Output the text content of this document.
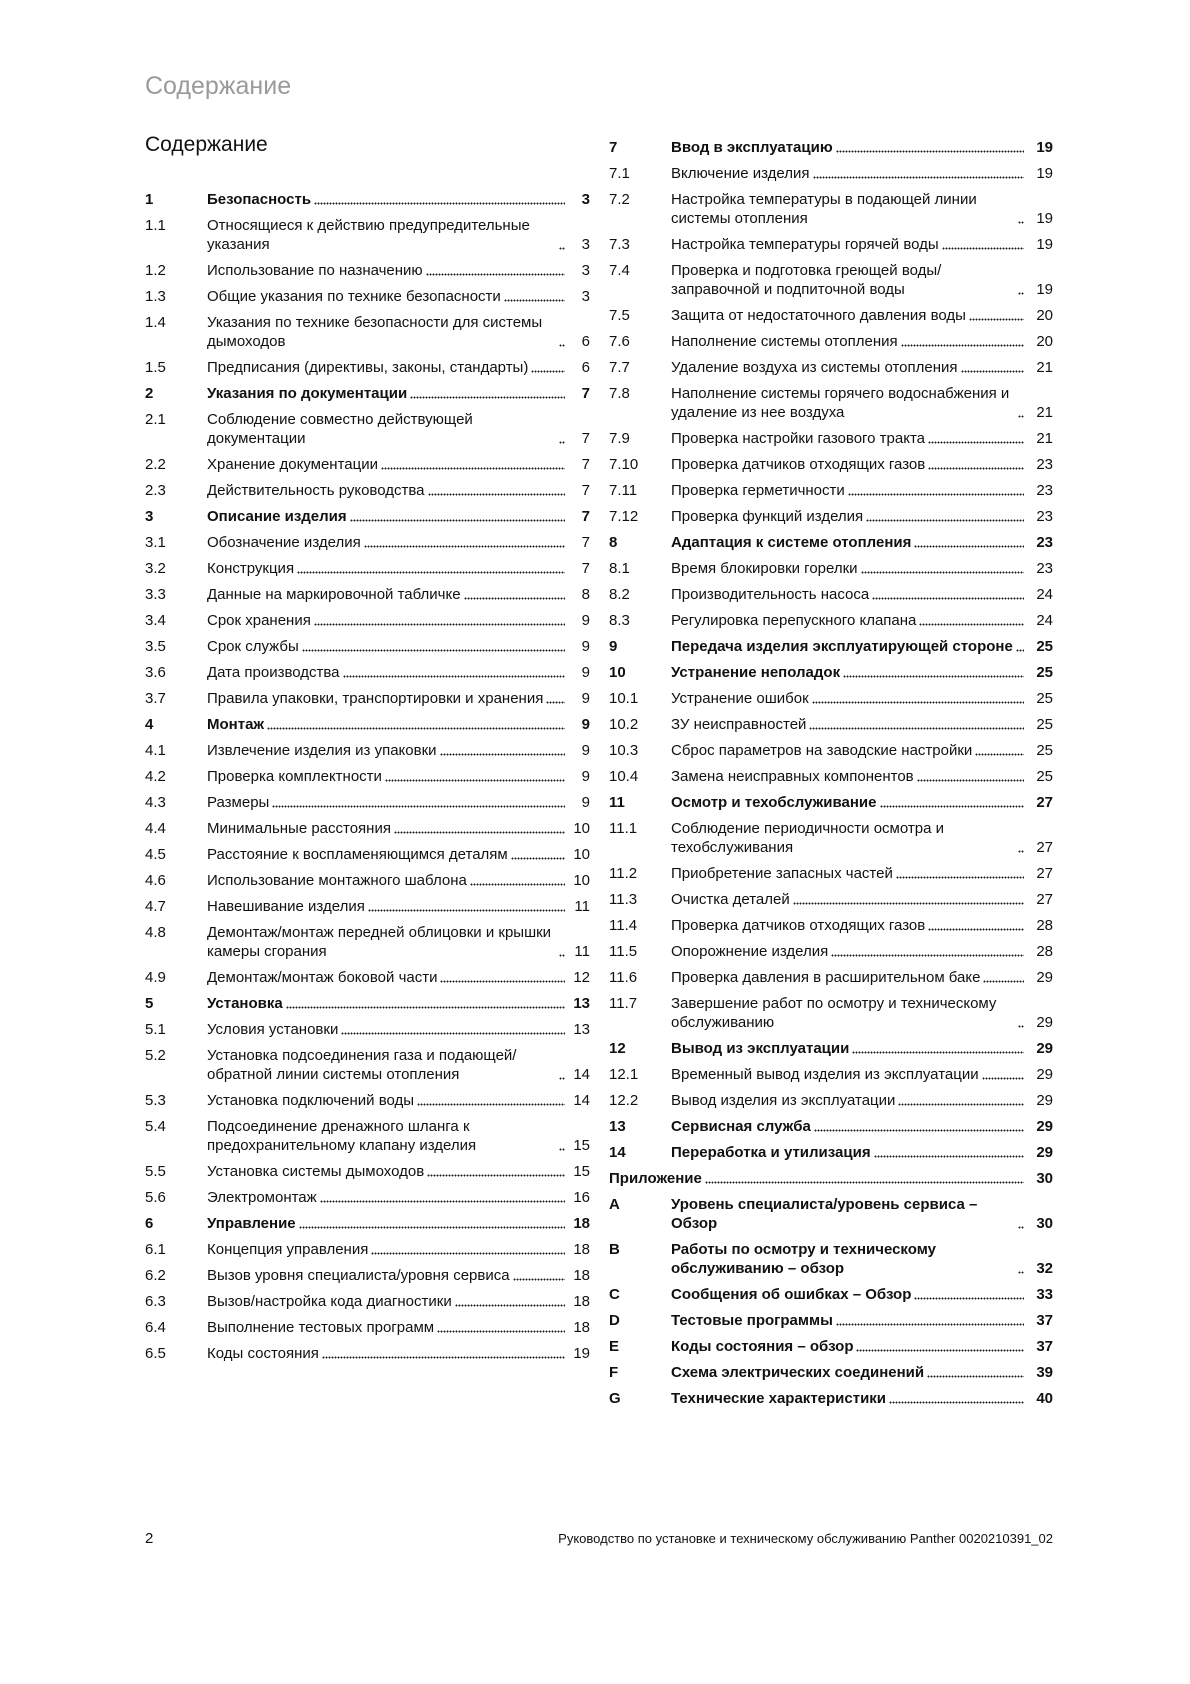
Содержание
Содержание
1	Безопасность	3
1.1	Относящиеся к действию предупредительные указания	3
1.2	Использование по назначению	3
1.3	Общие указания по технике безопасности	3
1.4	Указания по технике безопасности для системы дымоходов	6
1.5	Предписания (директивы, законы, стандарты)	6
2	Указания по документации	7
2.1	Соблюдение совместно действующей документации	7
2.2	Хранение документации	7
2.3	Действительность руководства	7
3	Описание изделия	7
3.1	Обозначение изделия	7
3.2	Конструкция	7
3.3	Данные на маркировочной табличке	8
3.4	Срок хранения	9
3.5	Срок службы	9
3.6	Дата производства	9
3.7	Правила упаковки, транспортировки и хранения	9
4	Монтаж	9
4.1	Извлечение изделия из упаковки	9
4.2	Проверка комплектности	9
4.3	Размеры	9
4.4	Минимальные расстояния	10
4.5	Расстояние к воспламеняющимся деталям	10
4.6	Использование монтажного шаблона	10
4.7	Навешивание изделия	11
4.8	Демонтаж/монтаж передней облицовки и крышки камеры сгорания	11
4.9	Демонтаж/монтаж боковой части	12
5	Установка	13
5.1	Условия установки	13
5.2	Установка подсоединения газа и подающей/обратной линии системы отопления	14
5.3	Установка подключений воды	14
5.4	Подсоединение дренажного шланга к предохранительному клапану изделия	15
5.5	Установка системы дымоходов	15
5.6	Электромонтаж	16
6	Управление	18
6.1	Концепция управления	18
6.2	Вызов уровня специалиста/уровня сервиса	18
6.3	Вызов/настройка кода диагностики	18
6.4	Выполнение тестовых программ	18
6.5	Коды состояния	19
7	Ввод в эксплуатацию	19
7.1	Включение изделия	19
7.2	Настройка температуры в подающей линии системы отопления	19
7.3	Настройка температуры горячей воды	19
7.4	Проверка и подготовка греющей воды/ заправочной и подпиточной воды	19
7.5	Защита от недостаточного давления воды	20
7.6	Наполнение системы отопления	20
7.7	Удаление воздуха из системы отопления	21
7.8	Наполнение системы горячего водоснабжения и удаление из нее воздуха	21
7.9	Проверка настройки газового тракта	21
7.10	Проверка датчиков отходящих газов	23
7.11	Проверка герметичности	23
7.12	Проверка функций изделия	23
8	Адаптация к системе отопления	23
8.1	Время блокировки горелки	23
8.2	Производительность насоса	24
8.3	Регулировка перепускного клапана	24
9	Передача изделия эксплуатирующей стороне	25
10	Устранение неполадок	25
10.1	Устранение ошибок	25
10.2	ЗУ неисправностей	25
10.3	Сброс параметров на заводские настройки	25
10.4	Замена неисправных компонентов	25
11	Осмотр и техобслуживание	27
11.1	Соблюдение периодичности осмотра и техобслуживания	27
11.2	Приобретение запасных частей	27
11.3	Очистка деталей	27
11.4	Проверка датчиков отходящих газов	28
11.5	Опорожнение изделия	28
11.6	Проверка давления в расширительном баке	29
11.7	Завершение работ по осмотру и техническому обслуживанию	29
12	Вывод из эксплуатации	29
12.1	Временный вывод изделия из эксплуатации	29
12.2	Вывод изделия из эксплуатации	29
13	Сервисная служба	29
14	Переработка и утилизация	29
Приложение	30
A	Уровень специалиста/уровень сервиса – Обзор	30
B	Работы по осмотру и техническому обслуживанию – обзор	32
C	Сообщения об ошибках – Обзор	33
D	Тестовые программы	37
E	Коды состояния – обзор	37
F	Схема электрических соединений	39
G	Технические характеристики	40
2	Руководство по установке и техническому обслуживанию Panther 0020210391_02
